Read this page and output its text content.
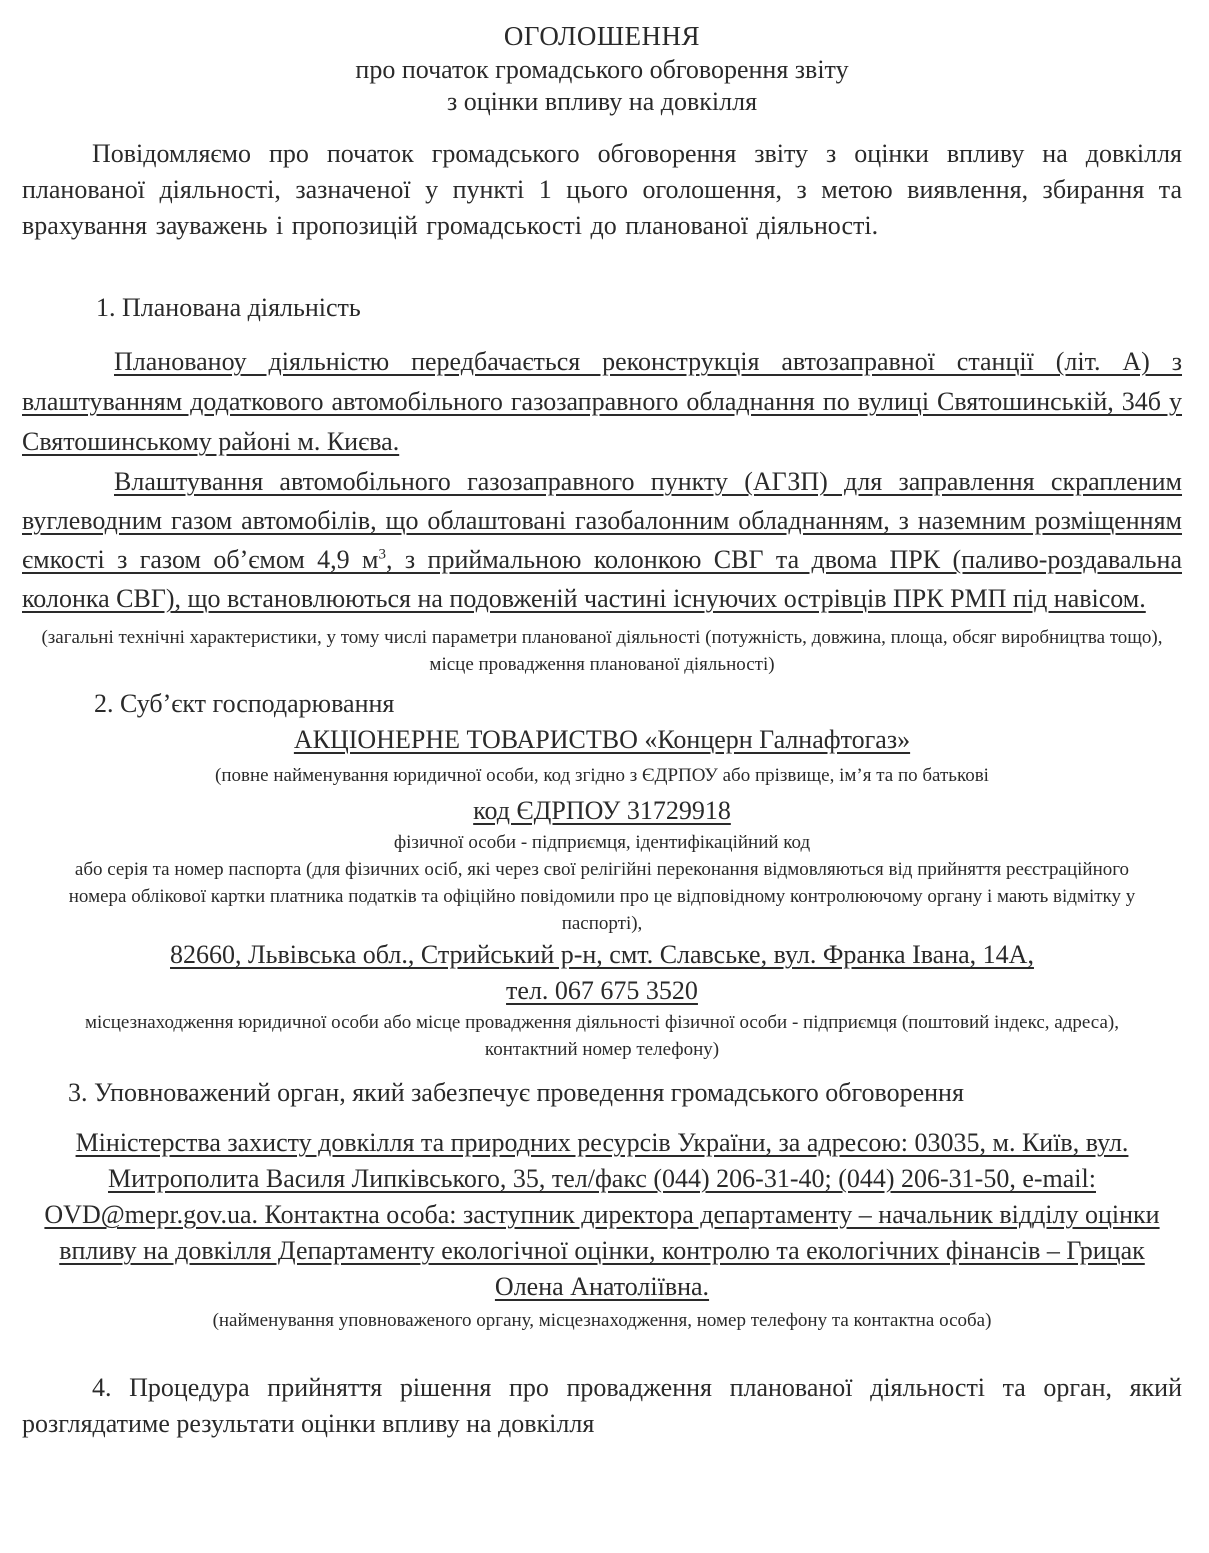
ОГОЛОШЕННЯ
про початок громадського обговорення звіту
з оцінки впливу на довкілля
Повідомляємо про початок громадського обговорення звіту з оцінки впливу на довкілля планованої діяльності, зазначеної у пункті 1 цього оголошення, з метою виявлення, збирання та врахування зауважень і пропозицій громадськості до планованої діяльності.
1. Планована діяльність
Планованоу діяльністю передбачається реконструкція автозаправної станції (літ. А) з влаштуванням додаткового автомобільного газозаправного обладнання по вулиці Святошинській, 34б у Святошинському районі м. Києва.
Влаштування автомобільного газозаправного пункту (АГЗП) для заправлення скрапленим вуглеводним газом автомобілів, що облаштовані газобалонним обладнанням, з наземним розміщенням ємкості з газом об’ємом 4,9 $м^3$, з приймальною колонкою СВГ та двома ПРК (паливо-роздавальна колонка СВГ), що встановлюються на подовженій частині існуючих острівців ПРК РМП під навісом.
(загальні технічні характеристики, у тому числі параметри планованої діяльності (потужність, довжина, площа, обсяг виробництва тощо), місце провадження планованої діяльності)
2. Суб’єкт господарювання
АКЦІОНЕРНЕ ТОВАРИСТВО «Концерн Галнафтогаз»
(повне найменування юридичної особи, код згідно з ЄДРПОУ або прізвище, ім’я та по батькові
код ЄДРПОУ 31729918
фізичної особи - підприємця, ідентифікаційний код
або серія та номер паспорта (для фізичних осіб, які через свої релігійні переконання відмовляються від прийняття реєстраційного номера облікової картки платника податків та офіційно повідомили про це відповідному контролюючому органу і мають відмітку у паспорті),
82660, Львівська обл., Стрийський р-н, смт. Славське, вул. Франка Івана, 14А,
тел. 067 675 3520
місцезнаходження юридичної особи або місце провадження діяльності фізичної особи - підприємця (поштовий індекс, адреса), контактний номер телефону)
3. Уповноважений орган, який забезпечує проведення громадського обговорення
Міністерства захисту довкілля та природних ресурсів України, за адресою: 03035, м. Київ, вул. Митрополита Василя Липківського, 35, тел/факс (044) 206-31-40; (044) 206-31-50, e-mail: OVD@mepr.gov.ua. Контактна особа: заступник директора департаменту – начальник відділу оцінки впливу на довкілля Департаменту екологічної оцінки, контролю та екологічних фінансів – Грицак Олена Анатоліївна.
(найменування уповноваженого органу, місцезнаходження, номер телефону та контактна особа)
4. Процедура прийняття рішення про провадження планованої діяльності та орган, який розглядатиме результати оцінки впливу на довкілля
